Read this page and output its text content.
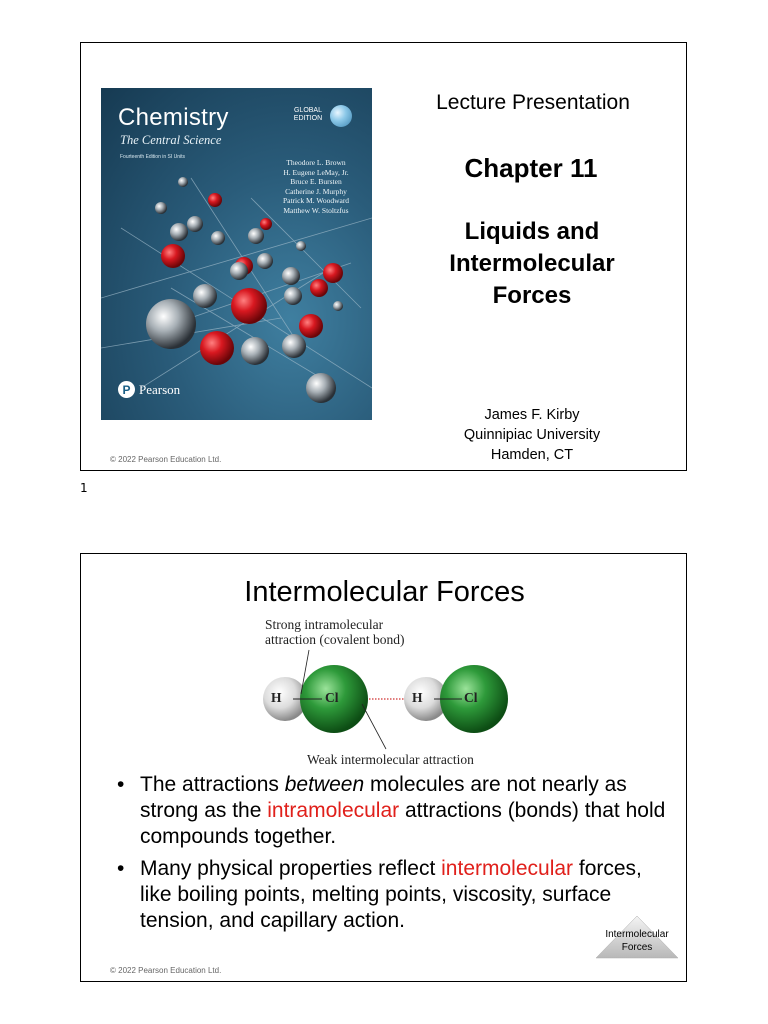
Chemistry
The Central Science
Fourteenth Edition in SI Units
GLOBAL EDITION
Theodore L. Brown
H. Eugene LeMay, Jr.
Bruce E. Bursten
Catherine J. Murphy
Patrick M. Woodward
Matthew W. Stoltzfus
P Pearson
Lecture Presentation
Chapter 11
Liquids and Intermolecular Forces
James F. Kirby
Quinnipiac University
Hamden, CT
© 2022 Pearson Education Ltd.
1
Intermolecular Forces
H	Cl	H	Cl
Strong intramolecular
attraction (covalent bond)
Weak intermolecular attraction
• The attractions between molecules are not nearly as strong as the intramolecular attractions (bonds) that hold compounds together.
• Many physical properties reflect intermolecular forces, like boiling points, melting points, viscosity, surface tension, and capillary action.
Intermolecular
Forces
© 2022 Pearson Education Ltd.
